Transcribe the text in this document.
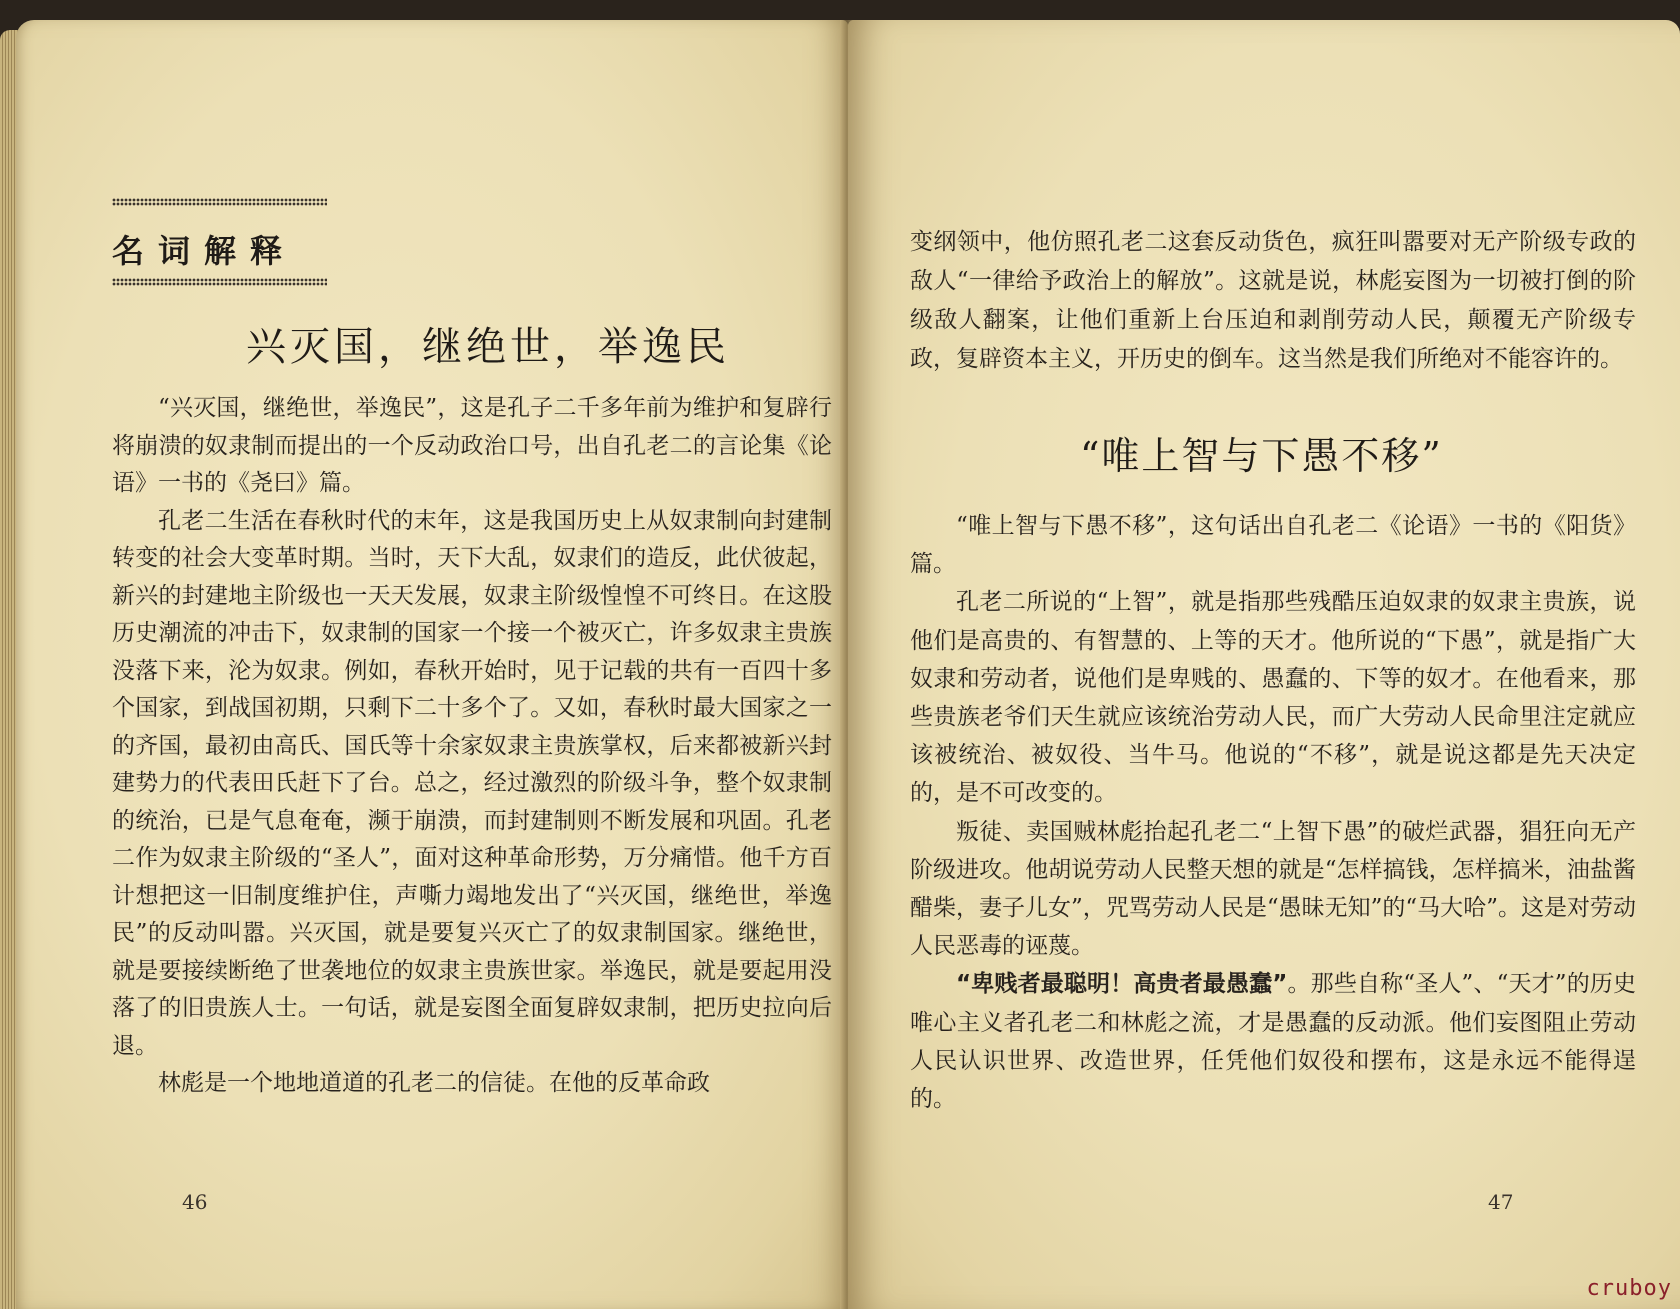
名词解释
兴灭国，继绝世，举逸民

“兴灭国，继绝世，举逸民”，这是孔子二千多年前为维护和复辟行将崩溃的奴隶制而提出的一个反动政治口号，出自孔老二的言论集《论语》一书的《尧曰》篇。

孔老二生活在春秋时代的末年，这是我国历史上从奴隶制向封建制转变的社会大变革时期。当时，天下大乱，奴隶们的造反，此伏彼起，新兴的封建地主阶级也一天天发展，奴隶主阶级惶惶不可终日。在这股历史潮流的冲击下，奴隶制的国家一个接一个被灭亡，许多奴隶主贵族没落下来，沦为奴隶。例如，春秋开始时，见于记载的共有一百四十多个国家，到战国初期，只剩下二十多个了。又如，春秋时最大国家之一的齐国，最初由高氏、国氏等十余家奴隶主贵族掌权，后来都被新兴封建势力的代表田氏赶下了台。总之，经过激烈的阶级斗争，整个奴隶制的统治，已是气息奄奄，濒于崩溃，而封建制则不断发展和巩固。孔老二作为奴隶主阶级的“圣人”，面对这种革命形势，万分痛惜。他千方百计想把这一旧制度维护住，声嘶力竭地发出了“兴灭国，继绝世，举逸民”的反动叫嚣。兴灭国，就是要复兴灭亡了的奴隶制国家。继绝世，就是要接续断绝了世袭地位的奴隶主贵族世家。举逸民，就是要起用没落了的旧贵族人士。一句话，就是妄图全面复辟奴隶制，把历史拉向后退。

林彪是一个地地道道的孔老二的信徒。在他的反革命政

46

变纲领中，他仿照孔老二这套反动货色，疯狂叫嚣要对无产阶级专政的敌人“一律给予政治上的解放”。这就是说，林彪妄图为一切被打倒的阶级敌人翻案，让他们重新上台压迫和剥削劳动人民，颠覆无产阶级专政，复辟资本主义，开历史的倒车。这当然是我们所绝对不能容许的。

“唯上智与下愚不移”

“唯上智与下愚不移”，这句话出自孔老二《论语》一书的《阳货》篇。

孔老二所说的“上智”，就是指那些残酷压迫奴隶的奴隶主贵族，说他们是高贵的、有智慧的、上等的天才。他所说的“下愚”，就是指广大奴隶和劳动者，说他们是卑贱的、愚蠢的、下等的奴才。在他看来，那些贵族老爷们天生就应该统治劳动人民，而广大劳动人民命里注定就应该被统治、被奴役、当牛马。他说的“不移”，就是说这都是先天决定的，是不可改变的。

叛徒、卖国贼林彪抬起孔老二“上智下愚”的破烂武器，猖狂向无产阶级进攻。他胡说劳动人民整天想的就是“怎样搞钱，怎样搞米，油盐酱醋柴，妻子儿女”，咒骂劳动人民是“愚昧无知”的“马大哈”。这是对劳动人民恶毒的诬蔑。

“卑贱者最聪明！高贵者最愚蠢”。那些自称“圣人”、“天才”的历史唯心主义者孔老二和林彪之流，才是愚蠢的反动派。他们妄图阻止劳动人民认识世界、改造世界，任凭他们奴役和摆布，这是永远不能得逞的。

47
cruboy
